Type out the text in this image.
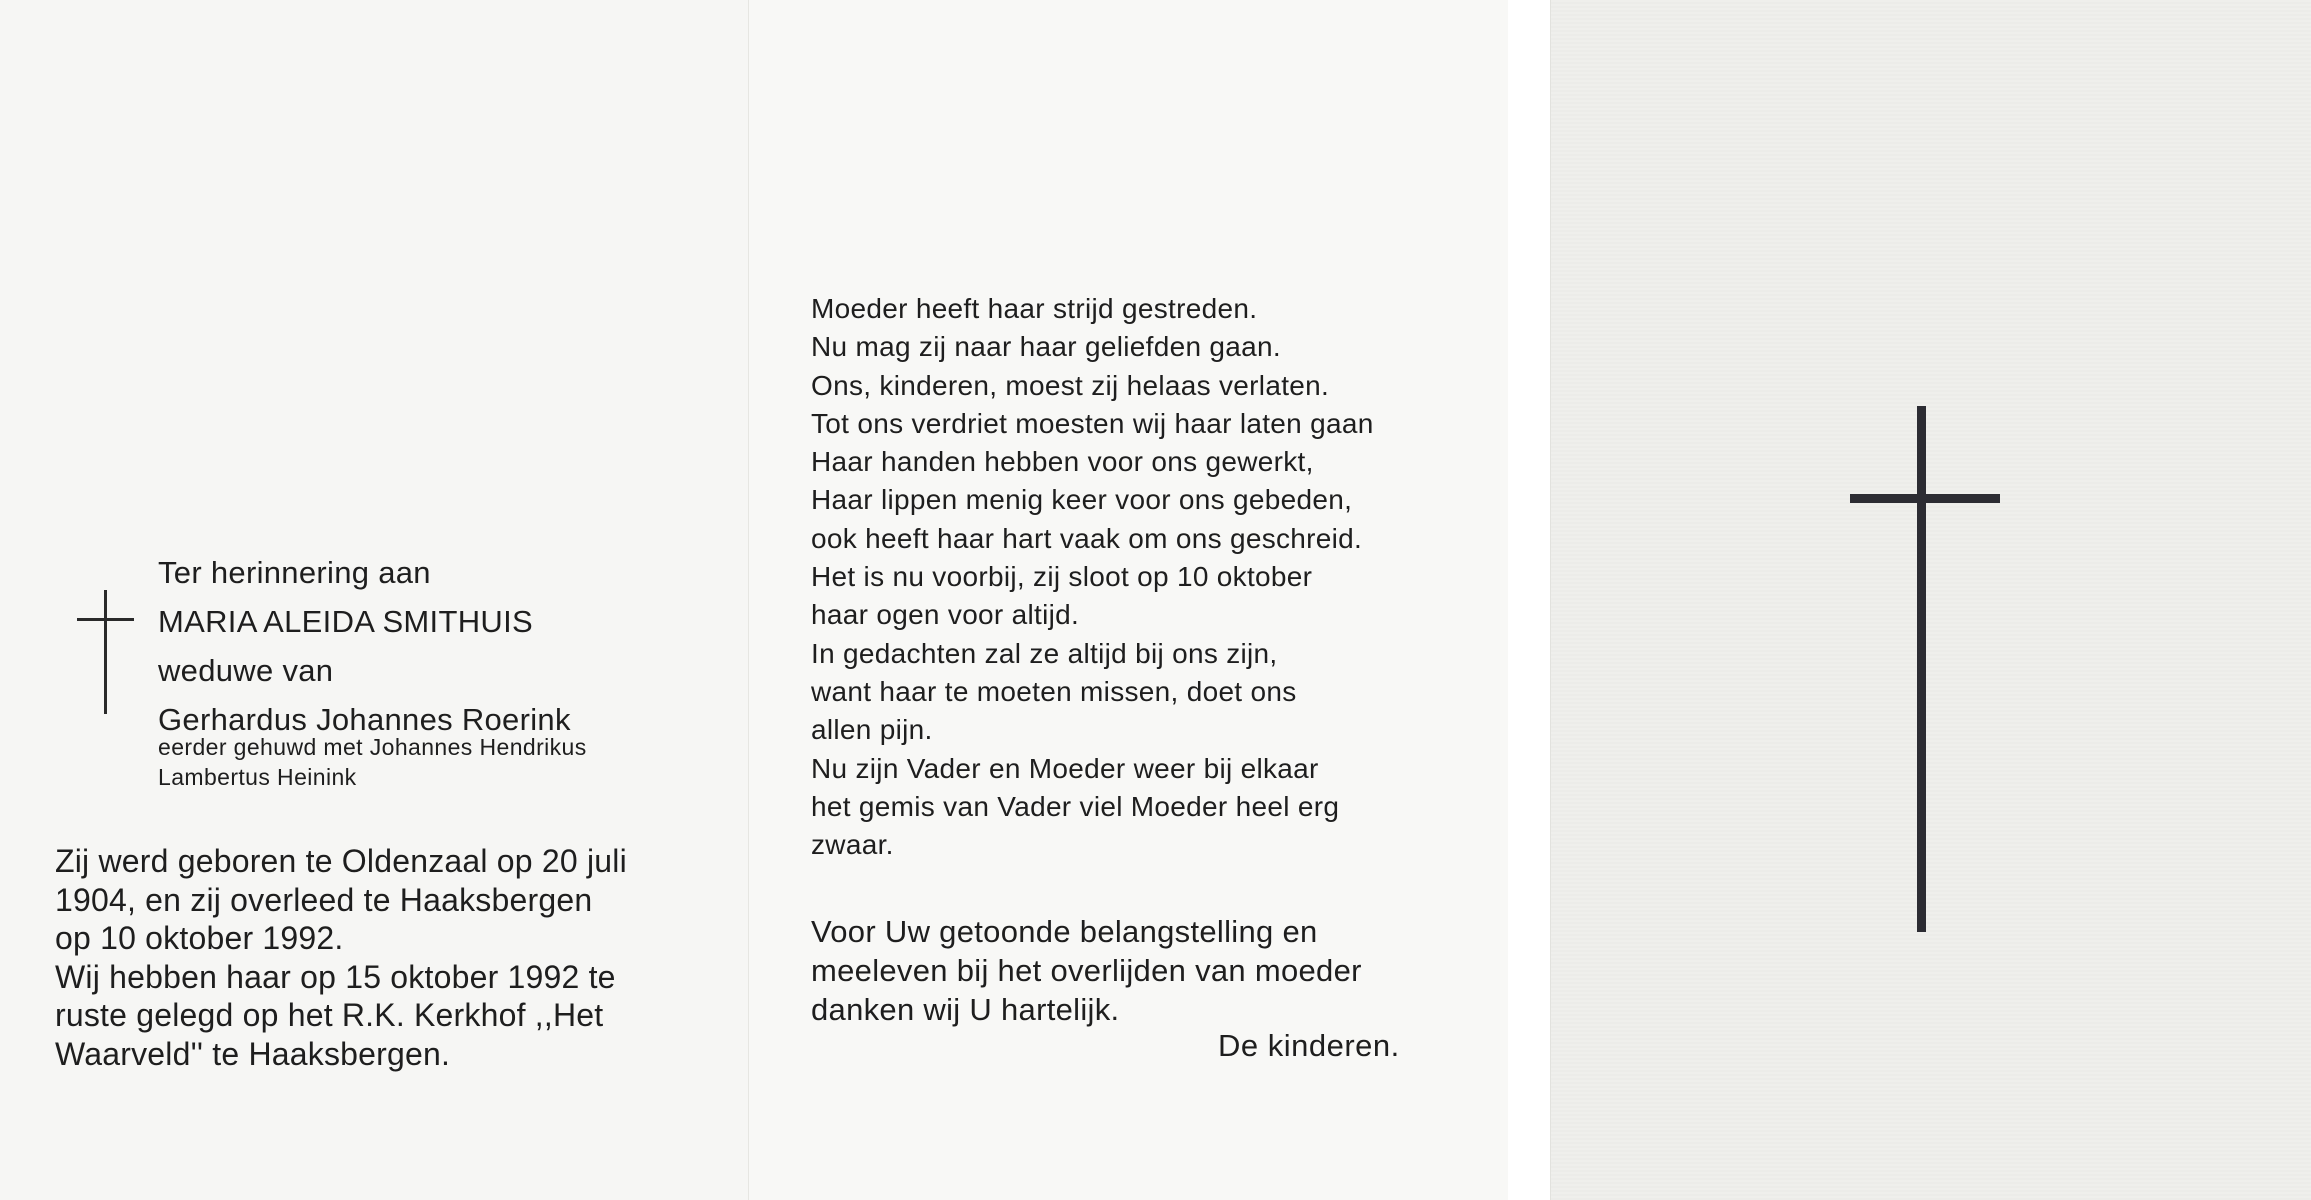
Ter herinnering aan
MARIA ALEIDA SMITHUIS
weduwe van
Gerhardus Johannes Roerink
eerder gehuwd met Johannes Hendrikus
Lambertus Heinink
Zij werd geboren te Oldenzaal op 20 juli
1904, en zij overleed te Haaksbergen
op 10 oktober 1992.
Wij hebben haar op 15 oktober 1992 te
ruste gelegd op het R.K. Kerkhof ,,Het
Waarveld'' te Haaksbergen.
Moeder heeft haar strijd gestreden.
Nu mag zij naar haar geliefden gaan.
Ons, kinderen, moest zij helaas verlaten.
Tot ons verdriet moesten wij haar laten gaan
Haar handen hebben voor ons gewerkt,
Haar lippen menig keer voor ons gebeden,
ook heeft haar hart vaak om ons geschreid.
Het is nu voorbij, zij sloot op 10 oktober
haar ogen voor altijd.
In gedachten zal ze altijd bij ons zijn,
want haar te moeten missen, doet ons
allen pijn.
Nu zijn Vader en Moeder weer bij elkaar
het gemis van Vader viel Moeder heel erg
zwaar.
Voor Uw getoonde belangstelling en
meeleven bij het overlijden van moeder
danken wij U hartelijk.
De kinderen.
